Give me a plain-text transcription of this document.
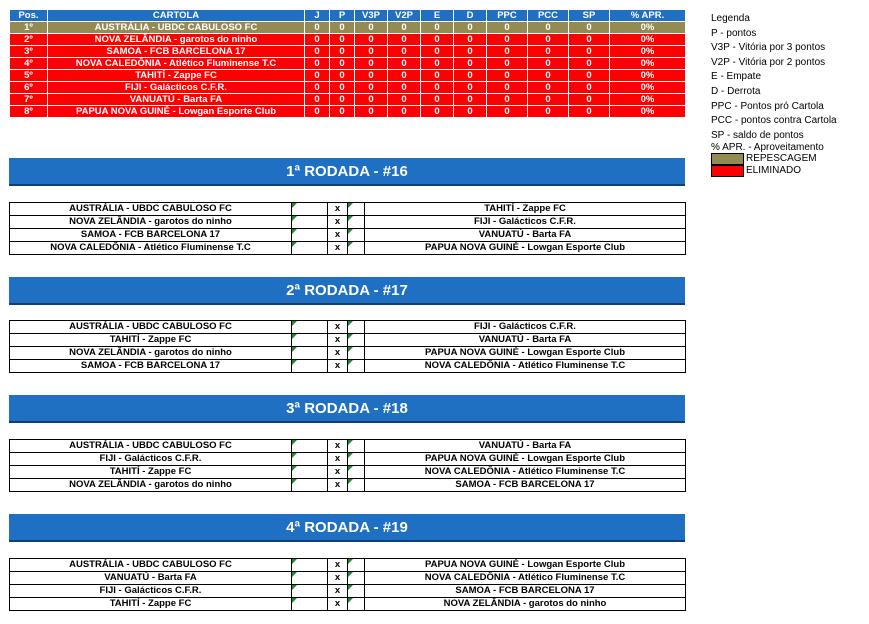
Pos.	CARTOLA	J	P	V3P	V2P	E	D	PPC	PCC	SP	% APR.
1º	AUSTRÁLIA - UBDC CABULOSO FC	0	0	0	0	0	0	0	0	0	0%
2º	NOVA ZELÂNDIA - garotos do ninho	0	0	0	0	0	0	0	0	0	0%
3º	SAMOA - FCB BARCELONA 17	0	0	0	0	0	0	0	0	0	0%
4º	NOVA CALEDÔNIA - Atlético Fluminense T.C	0	0	0	0	0	0	0	0	0	0%
5º	TAHITÍ - Zappe FC	0	0	0	0	0	0	0	0	0	0%
6º	FIJI - Galácticos C.F.R.	0	0	0	0	0	0	0	0	0	0%
7º	VANUATÚ - Barta FA	0	0	0	0	0	0	0	0	0	0%
8º	PAPUA NOVA GUINÉ - Lowgan Esporte Club	0	0	0	0	0	0	0	0	0	0%
Legenda
P - pontos
V3P - Vitória por 3 pontos
V2P - Vitória por 2 pontos
E - Empate
D - Derrota
PPC - Pontos pró Cartola
PCC - pontos contra Cartola
SP - saldo de pontos
% APR. - Aproveitamento
REPESCAGEM
ELIMINADO
1ª RODADA - #16
AUSTRÁLIA - UBDC CABULOSO FC		x		TAHITÍ - Zappe FC
NOVA ZELÂNDIA - garotos do ninho		x		FIJI - Galácticos C.F.R.
SAMOA - FCB BARCELONA 17		x		VANUATÚ - Barta FA
NOVA CALEDÔNIA - Atlético Fluminense T.C		x		PAPUA NOVA GUINÉ - Lowgan Esporte Club
2ª RODADA - #17
AUSTRÁLIA - UBDC CABULOSO FC		x		FIJI - Galácticos C.F.R.
TAHITÍ - Zappe FC		x		VANUATÚ - Barta FA
NOVA ZELÂNDIA - garotos do ninho		x		PAPUA NOVA GUINÉ - Lowgan Esporte Club
SAMOA - FCB BARCELONA 17		x		NOVA CALEDÔNIA - Atlético Fluminense T.C
3ª RODADA - #18
AUSTRÁLIA - UBDC CABULOSO FC		x		VANUATÚ - Barta FA
FIJI - Galácticos C.F.R.		x		PAPUA NOVA GUINÉ - Lowgan Esporte Club
TAHITÍ - Zappe FC		x		NOVA CALEDÔNIA - Atlético Fluminense T.C
NOVA ZELÂNDIA - garotos do ninho		x		SAMOA - FCB BARCELONA 17
4ª RODADA - #19
AUSTRÁLIA - UBDC CABULOSO FC		x		PAPUA NOVA GUINÉ - Lowgan Esporte Club
VANUATÚ - Barta FA		x		NOVA CALEDÔNIA - Atlético Fluminense T.C
FIJI - Galácticos C.F.R.		x		SAMOA - FCB BARCELONA 17
TAHITÍ - Zappe FC		x		NOVA ZELÂNDIA - garotos do ninho
